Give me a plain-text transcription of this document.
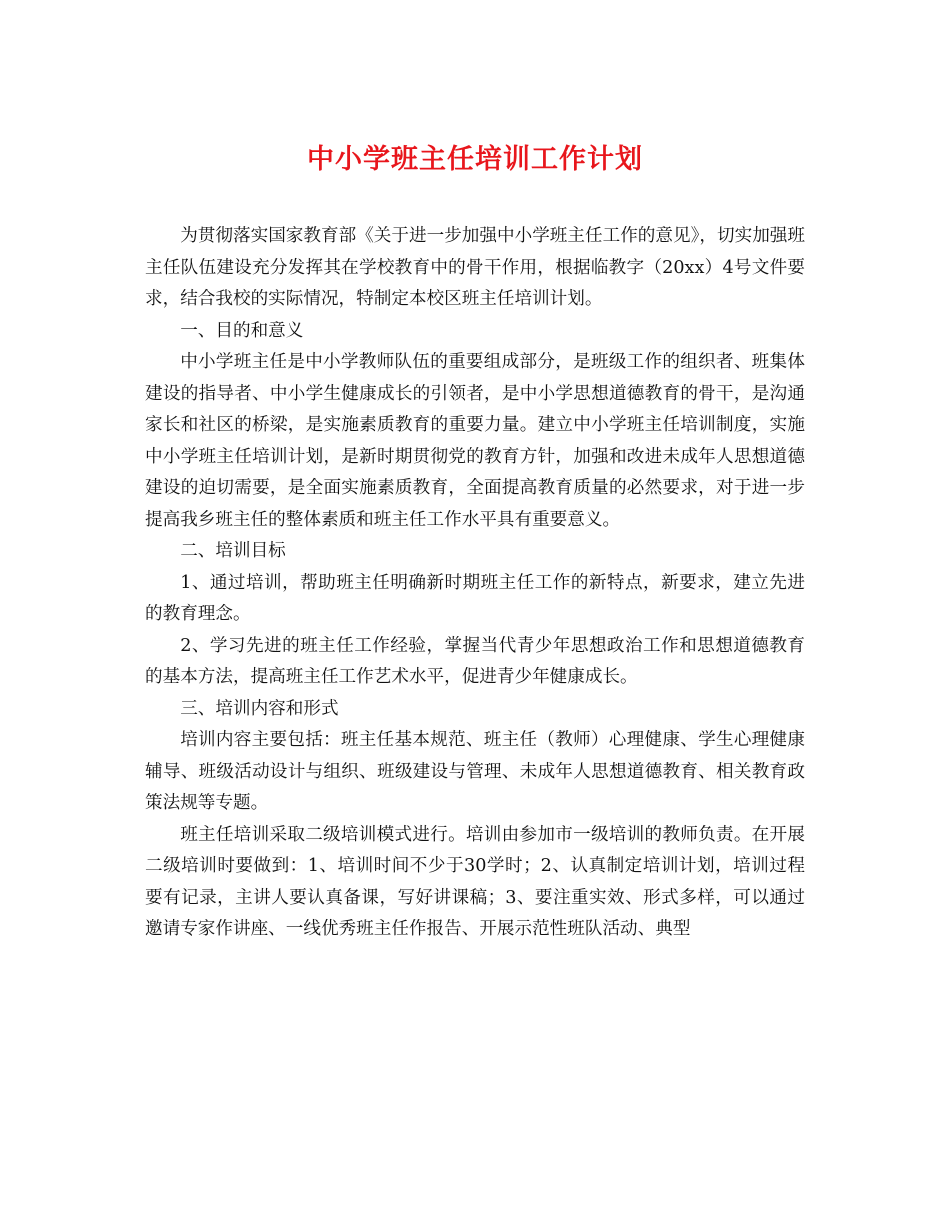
中小学班主任培训工作计划

为贯彻落实国家教育部《关于进一步加强中小学班主任工作的意见》，切实加强班主任队伍建设充分发挥其在学校教育中的骨干作用，根据临教字（20xx）4号文件要求，结合我校的实际情况，特制定本校区班主任培训计划。

一、目的和意义

中小学班主任是中小学教师队伍的重要组成部分，是班级工作的组织者、班集体建设的指导者、中小学生健康成长的引领者，是中小学思想道德教育的骨干，是沟通家长和社区的桥梁，是实施素质教育的重要力量。建立中小学班主任培训制度，实施中小学班主任培训计划，是新时期贯彻党的教育方针，加强和改进未成年人思想道德建设的迫切需要，是全面实施素质教育，全面提高教育质量的必然要求，对于进一步提高我乡班主任的整体素质和班主任工作水平具有重要意义。

二、培训目标

1、通过培训，帮助班主任明确新时期班主任工作的新特点，新要求，建立先进的教育理念。

2、学习先进的班主任工作经验，掌握当代青少年思想政治工作和思想道德教育的基本方法，提高班主任工作艺术水平，促进青少年健康成长。

三、培训内容和形式

培训内容主要包括：班主任基本规范、班主任（教师）心理健康、学生心理健康辅导、班级活动设计与组织、班级建设与管理、未成年人思想道德教育、相关教育政策法规等专题。

班主任培训采取二级培训模式进行。培训由参加市一级培训的教师负责。在开展二级培训时要做到：1、培训时间不少于30学时；2、认真制定培训计划，培训过程要有记录，主讲人要认真备课，写好讲课稿；3、要注重实效、形式多样，可以通过邀请专家作讲座、一线优秀班主任作报告、开展示范性班队活动、典型
